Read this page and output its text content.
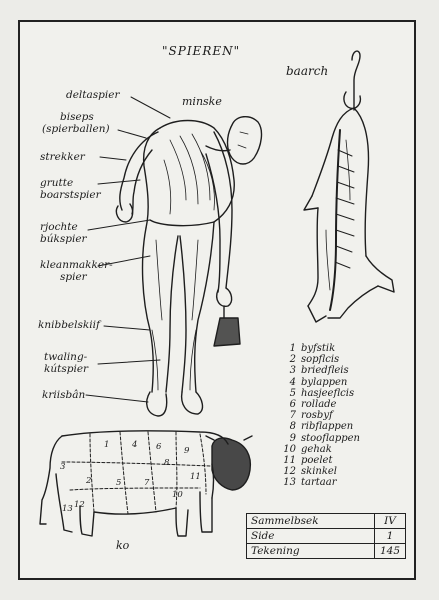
"SPIEREN"
baarch
minske
ko
deltaspier
biseps
(spierballen)
strekker
grutte
boarstspier
rjochte
búkspier
kleanmakker-
spier
knibbelskiif
twaling-
kútspier
kriisbân
1
2
3
4
5
6
7
8
9
10
11
12
13
1 byfstik
2 sopflcis
3 briedfleis
4 bylappen
5 hasjeeflcis
6 rollade
7 rosbyf
8 ribflappen
9 stooflappen
10 gehak
11 poelet
12 skinkel
13 tartaar
Sammelbsek	IV
Side	1
Tekening	145
